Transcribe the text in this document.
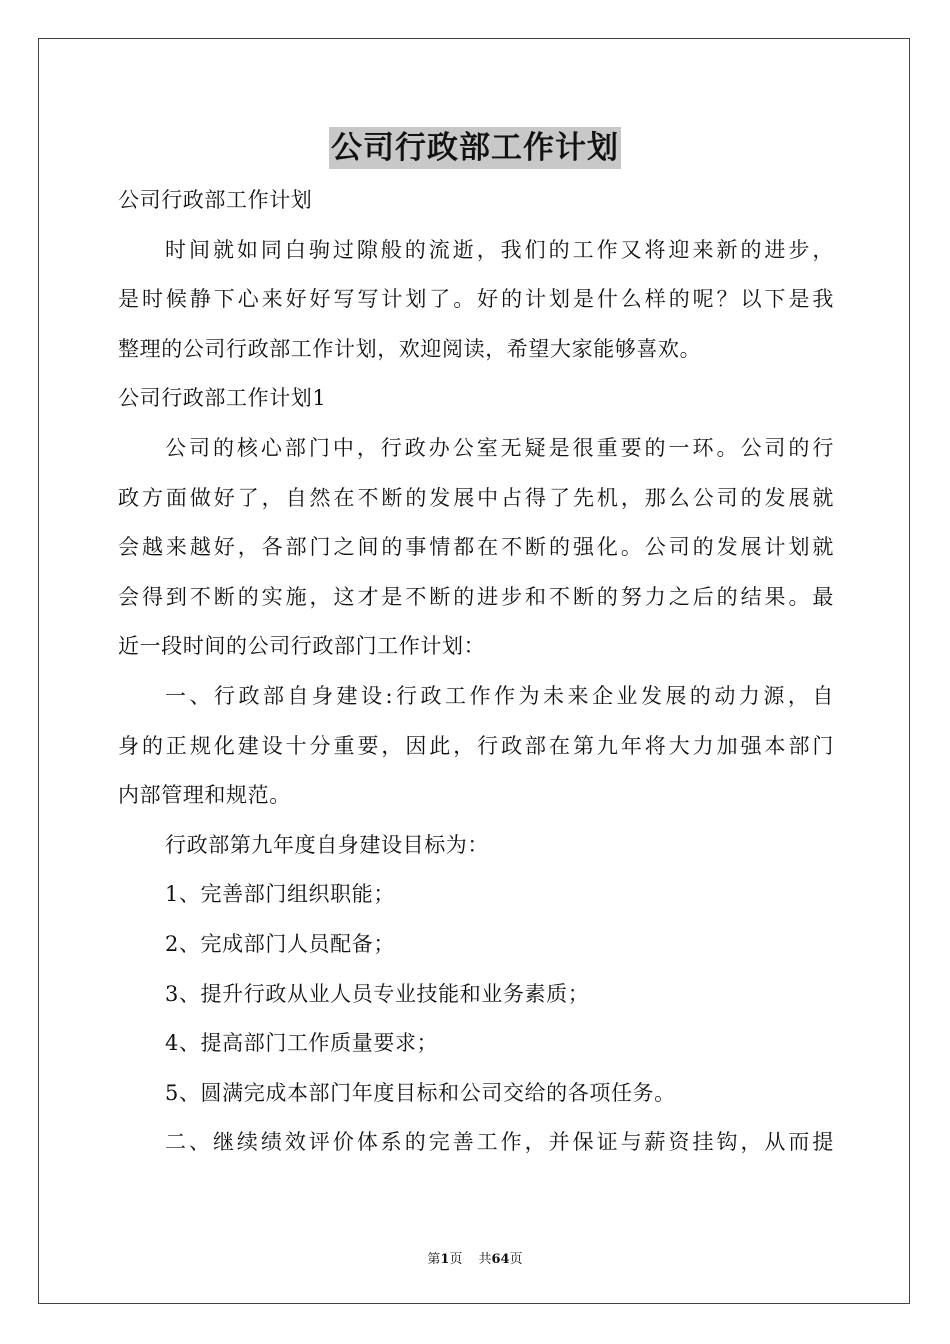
公司行政部工作计划
公司行政部工作计划
时间就如同白驹过隙般的流逝，我们的工作又将迎来新的进步，
是时候静下心来好好写写计划了。好的计划是什么样的呢？以下是我
整理的公司行政部工作计划，欢迎阅读，希望大家能够喜欢。
公司行政部工作计划1
公司的核心部门中，行政办公室无疑是很重要的一环。公司的行
政方面做好了，自然在不断的发展中占得了先机，那么公司的发展就
会越来越好，各部门之间的事情都在不断的强化。公司的发展计划就
会得到不断的实施，这才是不断的进步和不断的努力之后的结果。最
近一段时间的公司行政部门工作计划：
一、行政部自身建设:行政工作作为未来企业发展的动力源，自
身的正规化建设十分重要，因此，行政部在第九年将大力加强本部门
内部管理和规范。
行政部第九年度自身建设目标为：
1、完善部门组织职能；
2、完成部门人员配备；
3、提升行政从业人员专业技能和业务素质；
4、提高部门工作质量要求；
5、圆满完成本部门年度目标和公司交给的各项任务。
二、继续绩效评价体系的完善工作，并保证与薪资挂钩，从而提
第1页 共64页
